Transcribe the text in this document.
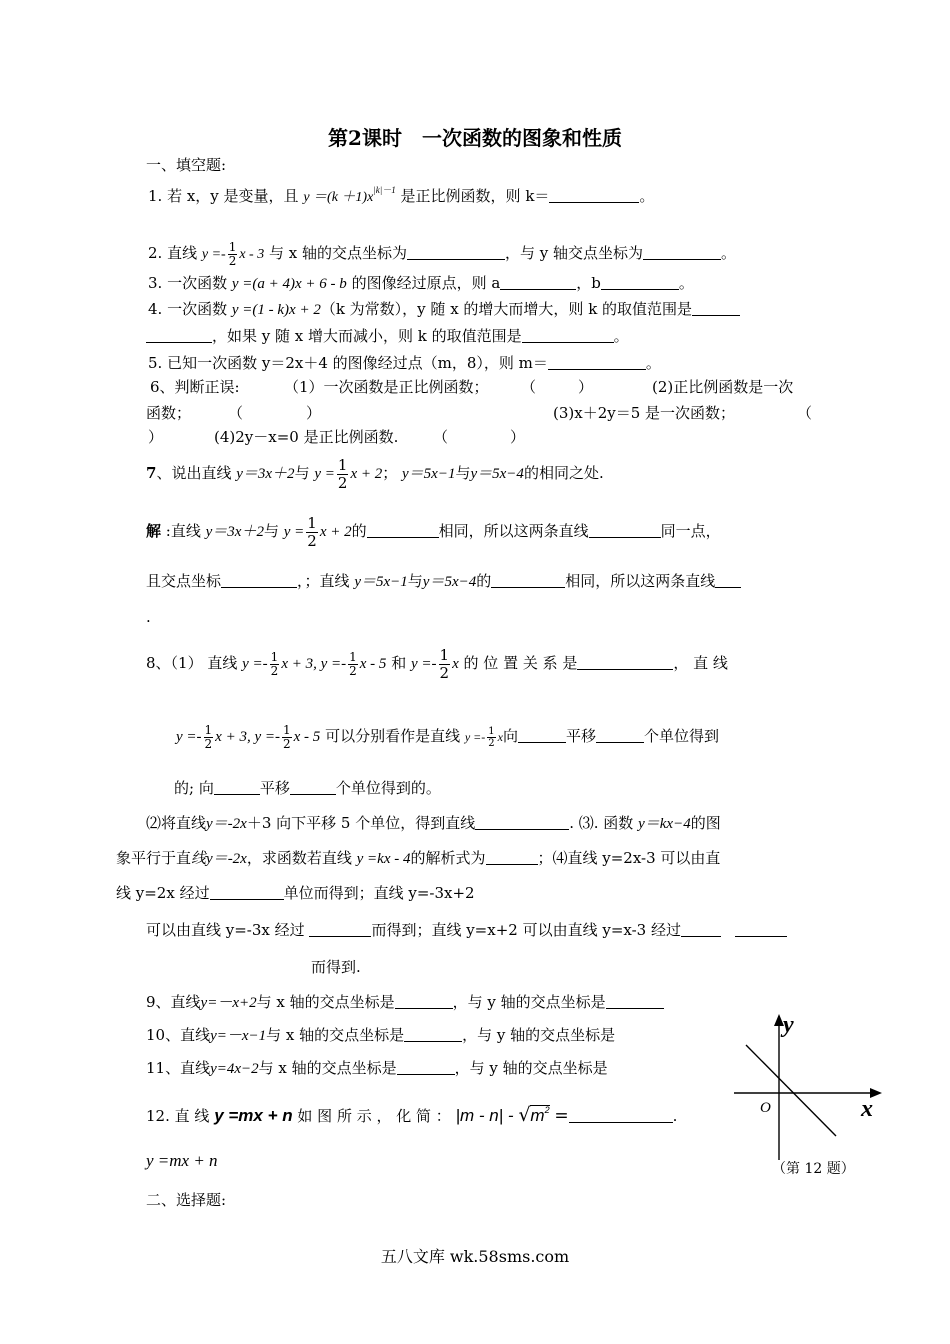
第2课时　一次函数的图象和性质
一、填空题:
1. 若 x，y 是变量，且 $y =(k +1)x^{|k|-1}$ 是正比例函数，则 k＝	。
2. 直线 $y =- \frac{1}{2}$ x - 3 与 x 轴的交点坐标为	，与 y 轴交点坐标为	。
3. 一次函数 y =(a + 4)x + 6 - b 的图像经过原点，则 a	，b	。
4. 一次函数 y =(1 - k)x + 2（k 为常数），y 随 x 的增大而增大，则 k 的取值范围是
，如果 y 随 x 增大而减小，则 k 的取值范围是	。
5. 已知一次函数 y＝2x＋4 的图像经过点（m，8），则 m＝	。
6、判断正误:	（1）一次函数是正比例函数； （	）	(2)正比例函数是一次
函数； （	）	(3)x＋2y＝5 是一次函数；	（
）	(4)2y－x=0 是正比例函数. （	）
7、说出直线 y＝3x＋2与 $y = \frac{1}{2}$ x + 2； y＝5x−1与y＝5x−4的相同之处.
解 :直线 y＝3x＋2与 $y = \frac{1}{2}$ x + 2的	相同，所以这两条直线	同一点，
且交点坐标	，；直线 y＝5x−1与y＝5x−4的	相同，所以这两条直线
.
8、（1） 直线 $y =- \frac{1}{2}$ x + 3, $y =- \frac{1}{2}$ x - 5 和 $y =- \frac{1}{2}$ x 的 位 置 关 系 是	， 直 线
$y =- \frac{1}{2}$ x + 3, $y =- \frac{1}{2}$ x - 5 可以分别看作是直线 $y =- \frac{1}{2}$ x向	平移	个单位得到
的; 向	平移	个单位得到的。
⑵将直线y＝-2x＋3 向下平移 5 个单位，得到直线	. ⑶. 函数 y＝kx−4的图
象平行于直线y＝-2x，求函数若直线 y =kx - 4的解析式为	；⑷直线 y=2x-3 可以由直
线 y=2x 经过	单位而得到；直线 y=-3x+2
可以由直线 y=-3x 经过	而得到；直线 y=x+2 可以由直线 y=x-3 经过
而得到.
9、直线y=－x+2与 x 轴的交点坐标是	，与 y 轴的交点坐标是
10、直线y=－x−1与 x 轴的交点坐标是	，与 y 轴的交点坐标是
11、直线y=4x−2与 x 轴的交点坐标是	，与 y 轴的交点坐标是
12. 直 线 y =mx + n 如 图 所 示 ， 化 简 ： $|m - n| - √m^2$ =	.
y =mx + n
y
x
O
（第 12 题）
二、选择题:
五八文库 wk.58sms.com
